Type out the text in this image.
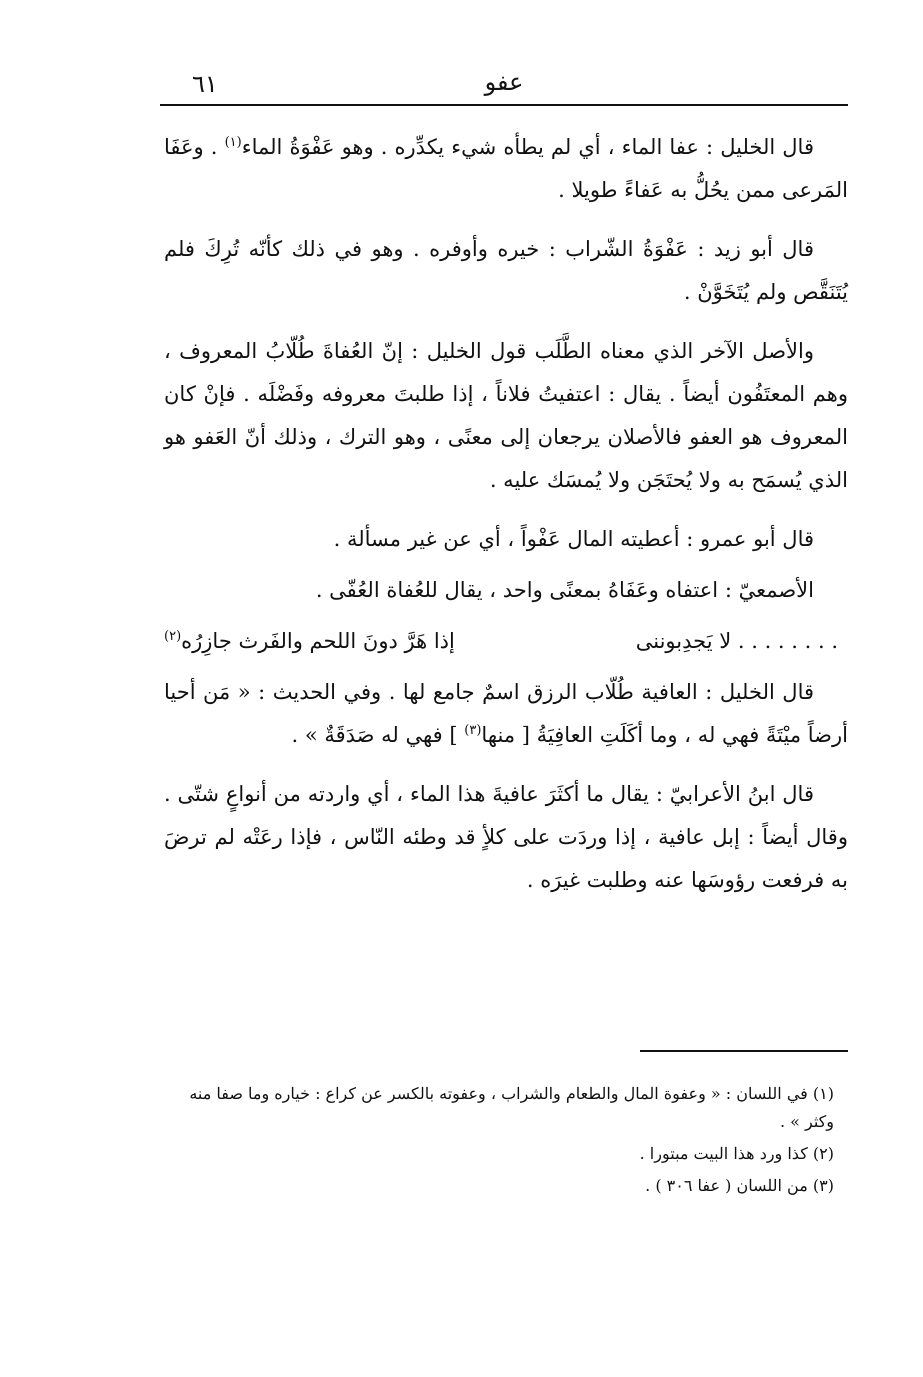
٦١	عفو

قال الخليل : عفا الماء ، أي لم يطأه شيء يكدِّره . وهو عَفْوَةُ الماء$^{(١)}$ . وعَفَا المَرعى ممن يحُلُّ به عَفاءً طويلا .

قال أبو زيد : عَفْوَةُ الشّراب : خيره وأوفره . وهو في ذلك كأنّه تُرِكَ فلم يُتَنَقَّص ولم يُتَخَوَّنْ .

والأصل الآخر الذي معناه الطَّلَب قول الخليل : إنّ العُفاةَ طُلّابُ المعروف ، وهم المعتَفُون أيضاً . يقال : اعتفيتُ فلاناً ، إذا طلبتَ معروفه وفَضْلَه . فإنْ كان المعروف هو العفو فالأصلان يرجعان إلى معنًى ، وهو الترك ، وذلك أنّ العَفو هو الذي يُسمَح به ولا يُحتَجَن ولا يُمسَك عليه .

قال أبو عمرو : أعطيته المال عَفْواً ، أي عن غير مسألة .

الأصمعيّ : اعتفاه وعَفَاهُ بمعنًى واحد ، يقال للعُفاة العُفّى .

. . . . . . . . لا يَجدِبوننى
إذا هَرَّ دونَ اللحم والفَرث جازِرُه$^{(٢)}$

قال الخليل : العافية طُلّاب الرزق اسمٌ جامع لها . وفي الحديث : « مَن أحيا أرضاً ميْتَةً فهي له ، وما أكَلَتِ العافِيَةُ [ منها$^{(٣)}$ ] فهي له صَدَقَةٌ » .

قال ابنُ الأعرابيّ : يقال ما أكثَرَ عافيةَ هذا الماء ، أي واردته من أنواعٍ شتّى . وقال أيضاً : إبل عافية ، إذا وردَت على كلأٍ قد وطئه النّاس ، فإذا رعَتْه لم ترضَ به فرفعت رؤوسَها عنه وطلبت غيرَه .

(١) في اللسان : « وعفوة المال والطعام والشراب ، وعفوته بالكسر عن كراع : خياره وما صفا منه وكثر » .

(٢) كذا ورد هذا البيت مبتورا .

(٣) من اللسان ( عفا ٣٠٦ ) .
